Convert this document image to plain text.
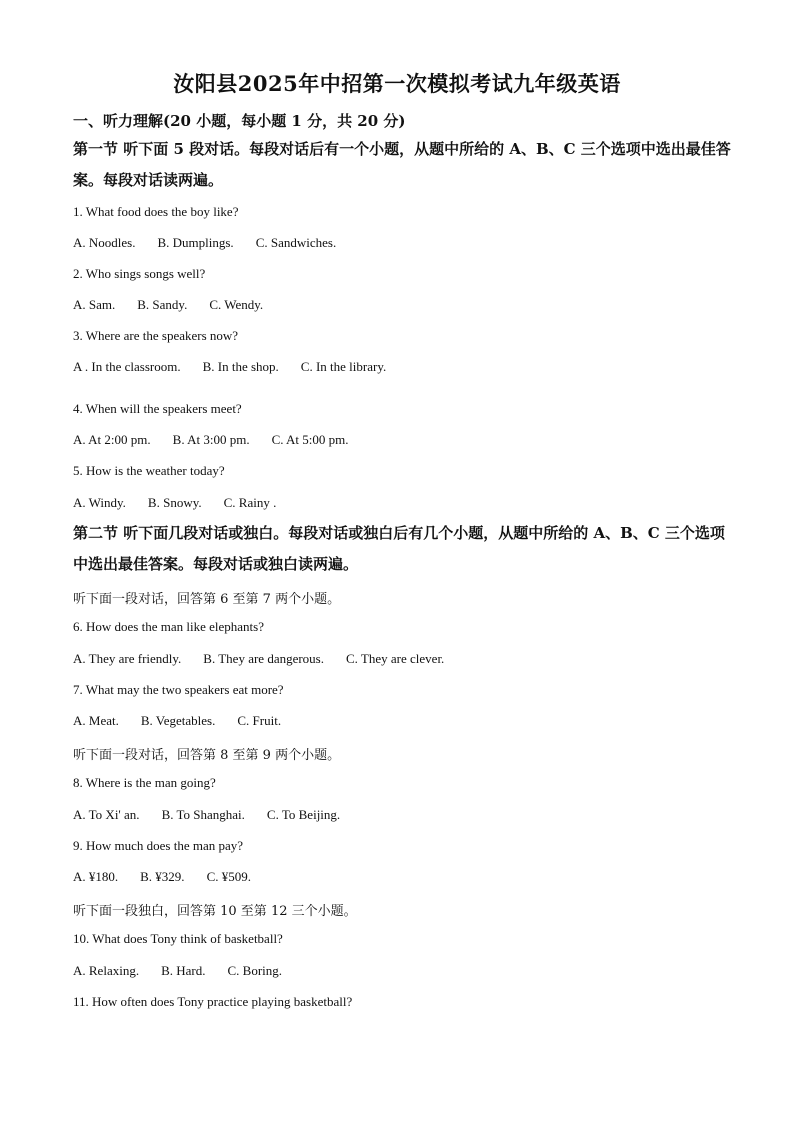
汝阳县2025年中招第一次模拟考试九年级英语
一、听力理解(20 小题，每小题 1 分，共 20 分)
第一节 听下面 5 段对话。每段对话后有一个小题，从题中所给的 A、B、C 三个选项中选出最佳答案。每段对话读两遍。
1. What food does the boy like?
A. Noodles. B. Dumplings. C. Sandwiches.
2. Who sings songs well?
A. Sam. B. Sandy. C. Wendy.
3. Where are the speakers now?
A . In the classroom. B. In the shop. C. In the library.
4. When will the speakers meet?
A. At 2:00 pm. B. At 3:00 pm. C. At 5:00 pm.
5. How is the weather today?
A. Windy. B. Snowy. C. Rainy .
第二节 听下面几段对话或独白。每段对话或独白后有几个小题，从题中所给的 A、B、C 三个选项中选出最佳答案。每段对话或独白读两遍。
听下面一段对话，回答第 6 至第 7 两个小题。
6. How does the man like elephants?
A. They are friendly. B. They are dangerous. C. They are clever.
7. What may the two speakers eat more?
A. Meat. B. Vegetables. C. Fruit.
听下面一段对话，回答第 8 至第 9 两个小题。
8. Where is the man going?
A. To Xi' an. B. To Shanghai. C. To Beijing.
9. How much does the man pay?
A. ¥180. B. ¥329. C. ¥509.
听下面一段独白，回答第 10 至第 12 三个小题。
10. What does Tony think of basketball?
A. Relaxing. B. Hard. C. Boring.
11. How often does Tony practice playing basketball?
